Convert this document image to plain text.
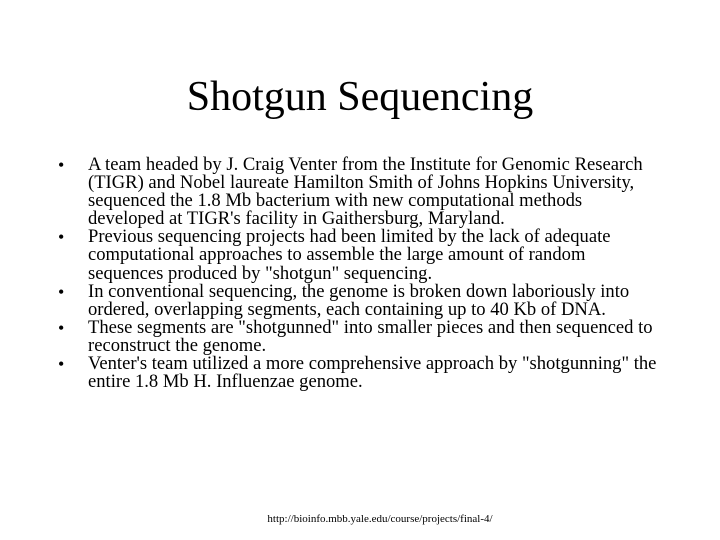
Shotgun Sequencing
•	A team headed by J. Craig Venter from the Institute for Genomic Research (TIGR) and Nobel laureate Hamilton Smith of Johns Hopkins University, sequenced the 1.8 Mb bacterium with new computational methods developed at TIGR's facility in Gaithersburg, Maryland.
•	Previous sequencing projects had been limited by the lack of adequate computational approaches to assemble the large amount of random sequences produced by "shotgun" sequencing.
•	In conventional sequencing, the genome is broken down laboriously into ordered, overlapping segments, each containing up to 40 Kb of DNA.
•	These segments are "shotgunned" into smaller pieces and then sequenced to reconstruct the genome.
•	Venter's team utilized a more comprehensive approach by "shotgunning" the entire 1.8 Mb H. Influenzae genome.
http://bioinfo.mbb.yale.edu/course/projects/final-4/
